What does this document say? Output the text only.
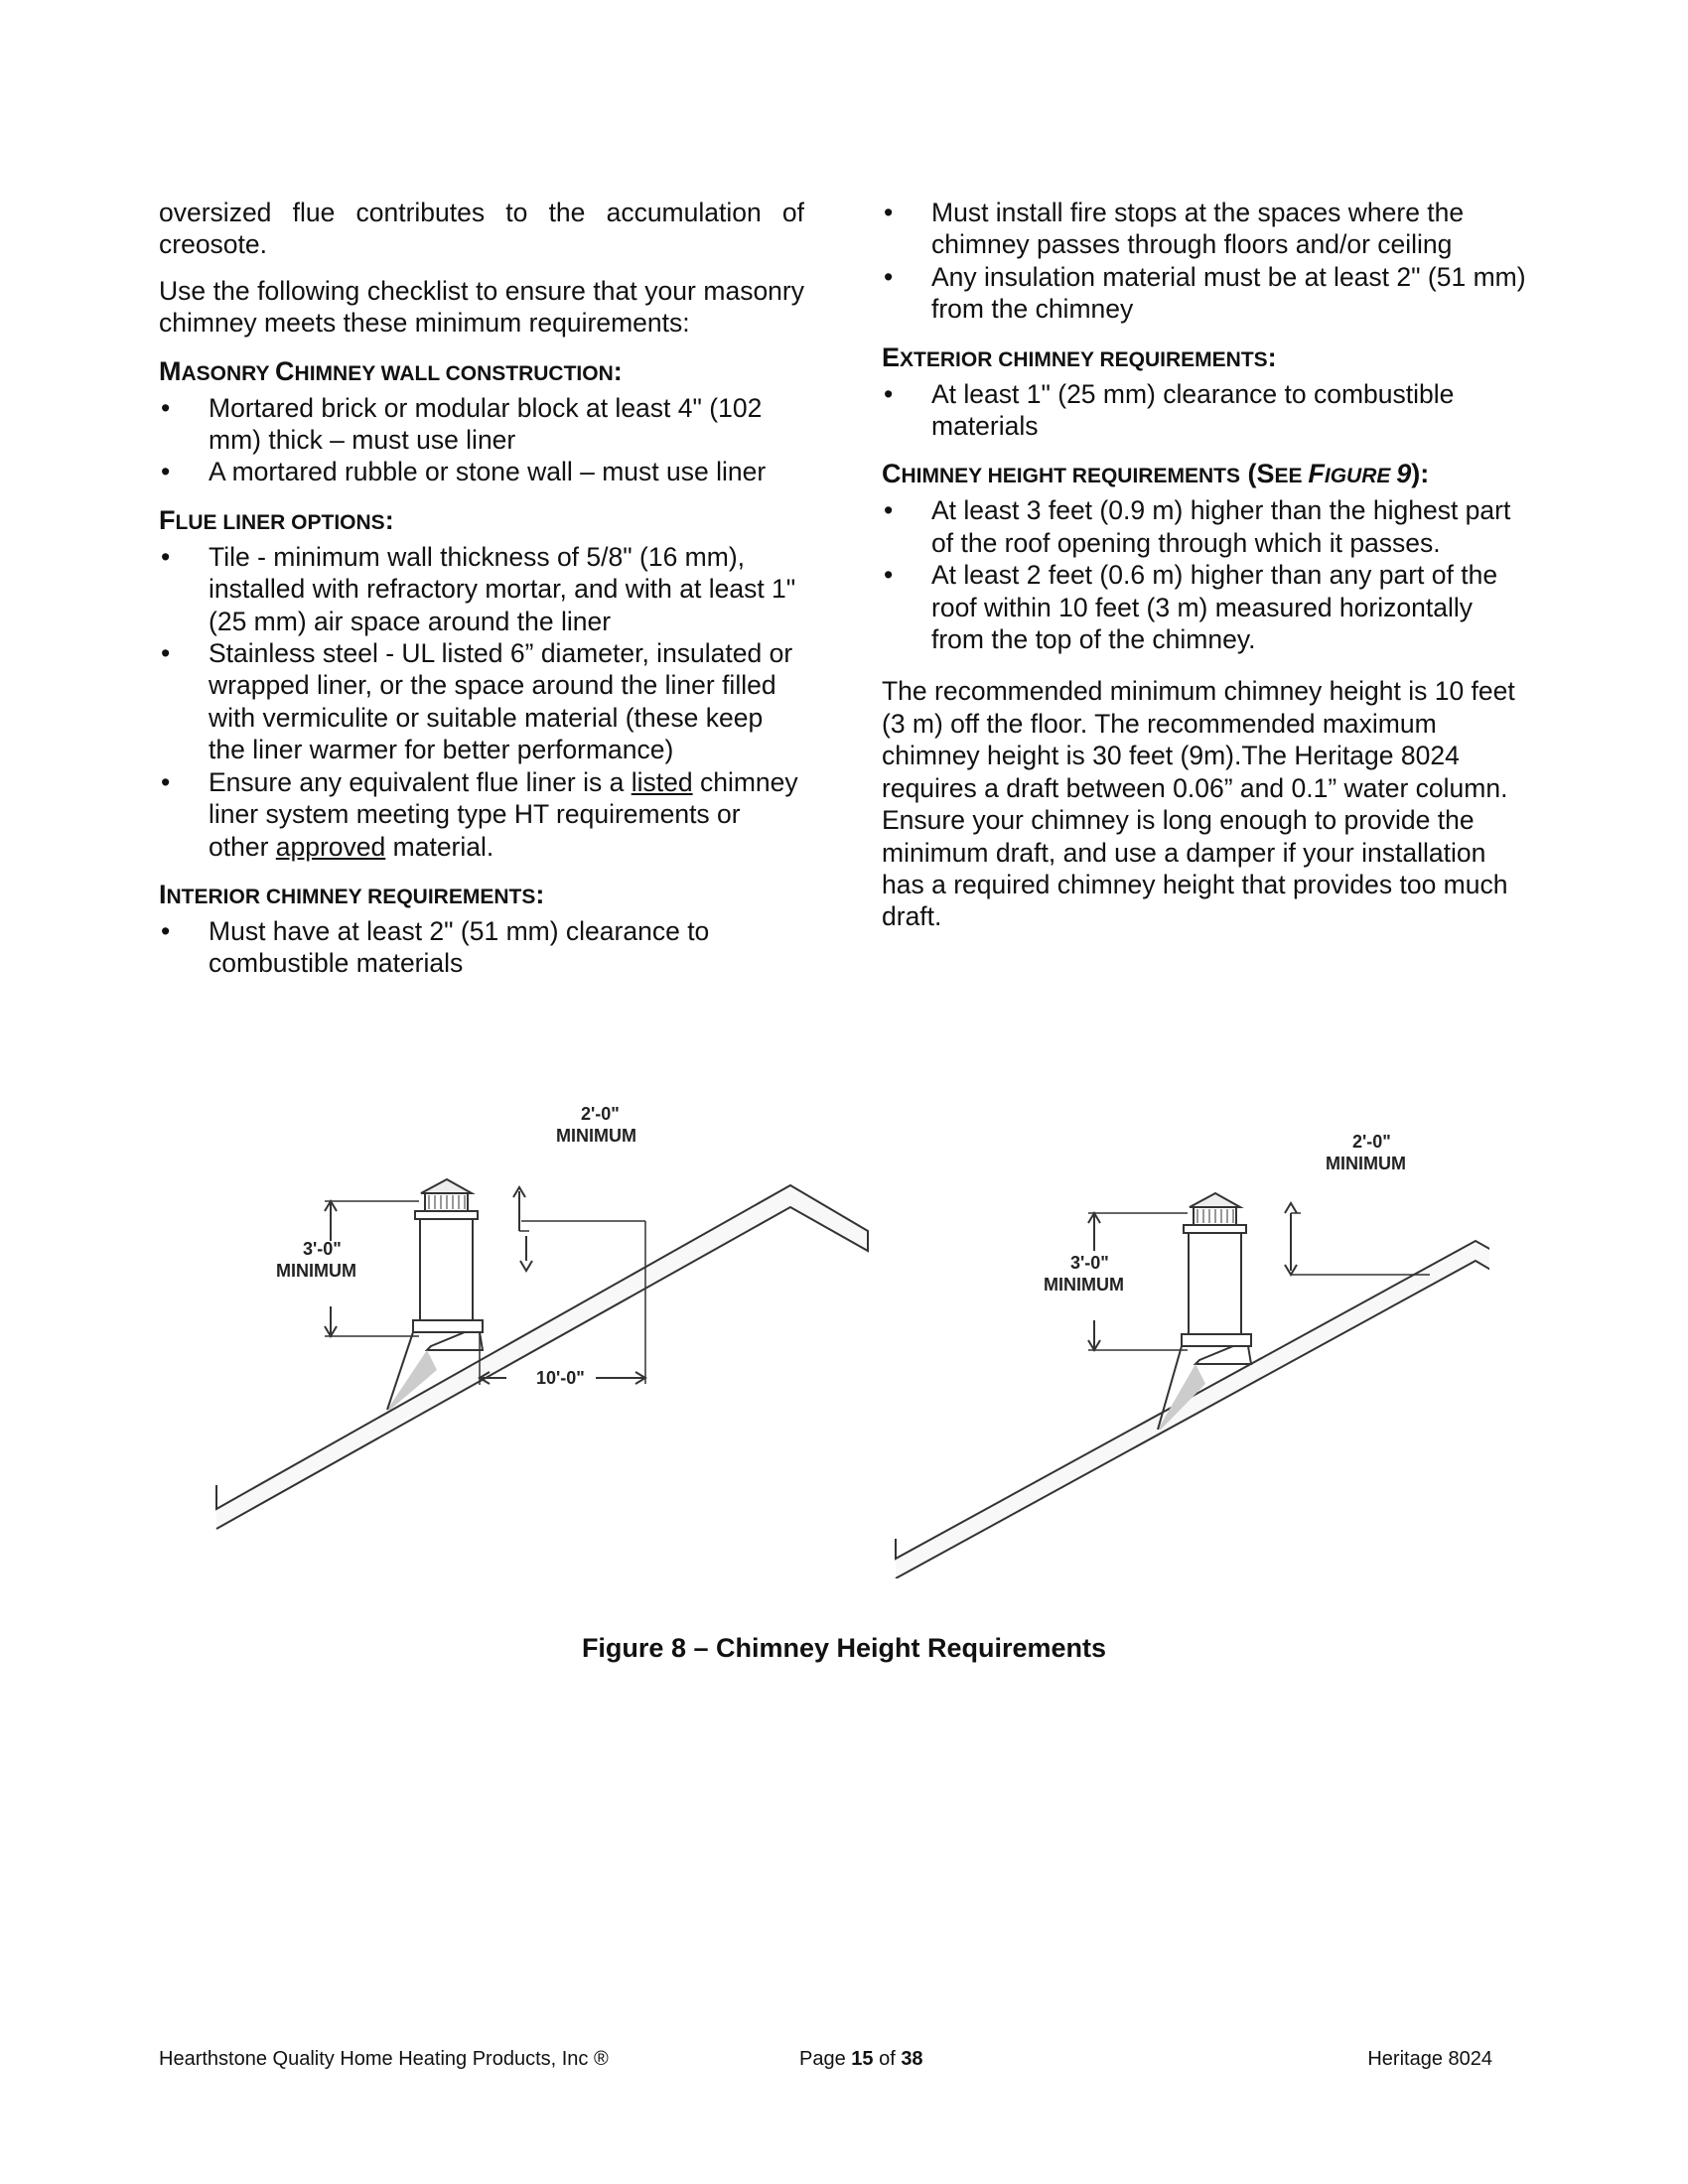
oversized flue contributes to the accumulation of creosote.

Use the following checklist to ensure that your masonry chimney meets these minimum requirements:

MASONRY CHIMNEY WALL CONSTRUCTION:
• Mortared brick or modular block at least 4" (102 mm) thick – must use liner
• A mortared rubble or stone wall – must use liner
FLUE LINER OPTIONS:
• Tile - minimum wall thickness of 5/8" (16 mm), installed with refractory mortar, and with at least 1" (25 mm) air space around the liner
• Stainless steel - UL listed 6” diameter, insulated or wrapped liner, or the space around the liner filled with vermiculite or suitable material (these keep the liner warmer for better performance)
• Ensure any equivalent flue liner is a listed chimney liner system meeting type HT requirements or other approved material.
INTERIOR CHIMNEY REQUIREMENTS:
• Must have at least 2" (51 mm) clearance to combustible materials
• Must install fire stops at the spaces where the chimney passes through floors and/or ceiling
• Any insulation material must be at least 2" (51 mm) from the chimney
EXTERIOR CHIMNEY REQUIREMENTS:
• At least 1" (25 mm) clearance to combustible materials
CHIMNEY HEIGHT REQUIREMENTS (SEE FIGURE 9):
• At least 3 feet (0.9 m) higher than the highest part of the roof opening through which it passes.
• At least 2 feet (0.6 m) higher than any part of the roof within 10 feet (3 m) measured horizontally from the top of the chimney.

The recommended minimum chimney height is 10 feet (3 m) off the floor. The recommended maximum chimney height is 30 feet (9m).The Heritage 8024 requires a draft between 0.06” and 0.1” water column. Ensure your chimney is long enough to provide the minimum draft, and use a damper if your installation has a required chimney height that provides too much draft.

2'-0"
MINIMUM
3'-0"
MINIMUM
10'-0"
2'-0"
MINIMUM
3'-0"
MINIMUM
Figure 8 – Chimney Height Requirements
Hearthstone Quality Home Heating Products, Inc ®	Page 15 of 38	Heritage 8024
